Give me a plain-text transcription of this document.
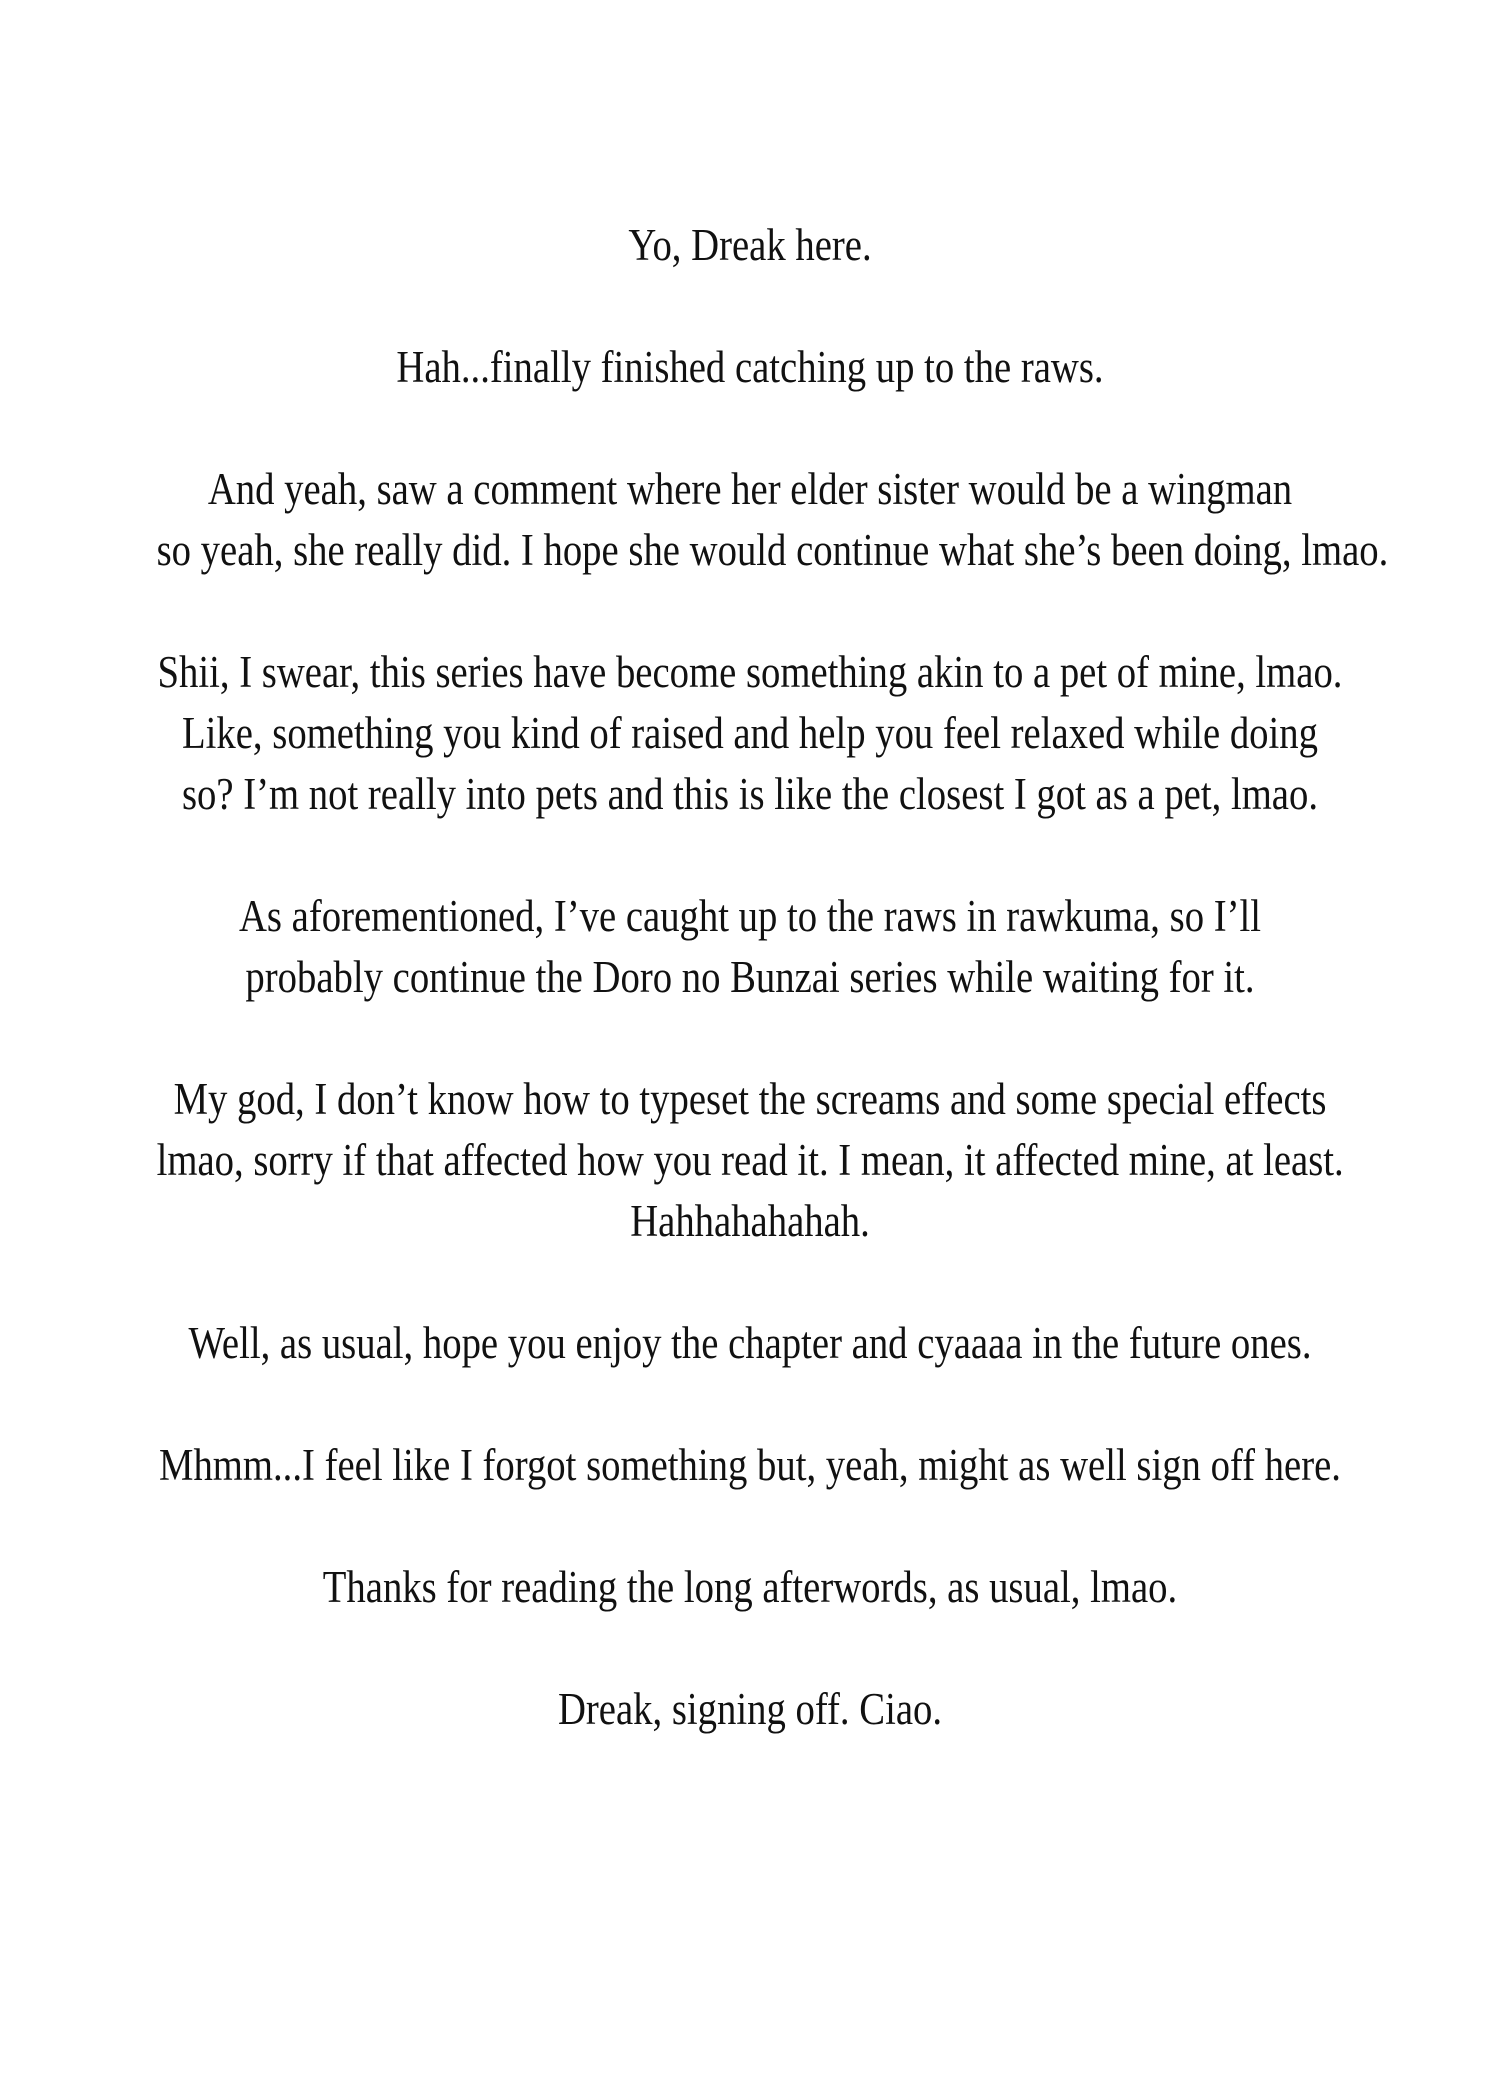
Yo, Dreak here.

Hah...finally finished catching up to the raws.

And yeah, saw a comment where her elder sister would be a wingman
so yeah, she really did. I hope she would continue what she’s been doing, lmao.

Shii, I swear, this series have become something akin to a pet of mine, lmao.
Like, something you kind of raised and help you feel relaxed while doing
so? I’m not really into pets and this is like the closest I got as a pet, lmao.

As aforementioned, I’ve caught up to the raws in rawkuma, so I’ll
probably continue the Doro no Bunzai series while waiting for it.

My god, I don’t know how to typeset the screams and some special effects
lmao, sorry if that affected how you read it. I mean, it affected mine, at least.
Hahhahahahah.

Well, as usual, hope you enjoy the chapter and cyaaaa in the future ones.

Mhmm...I feel like I forgot something but, yeah, might as well sign off here.

Thanks for reading the long afterwords, as usual, lmao.

Dreak, signing off. Ciao.
